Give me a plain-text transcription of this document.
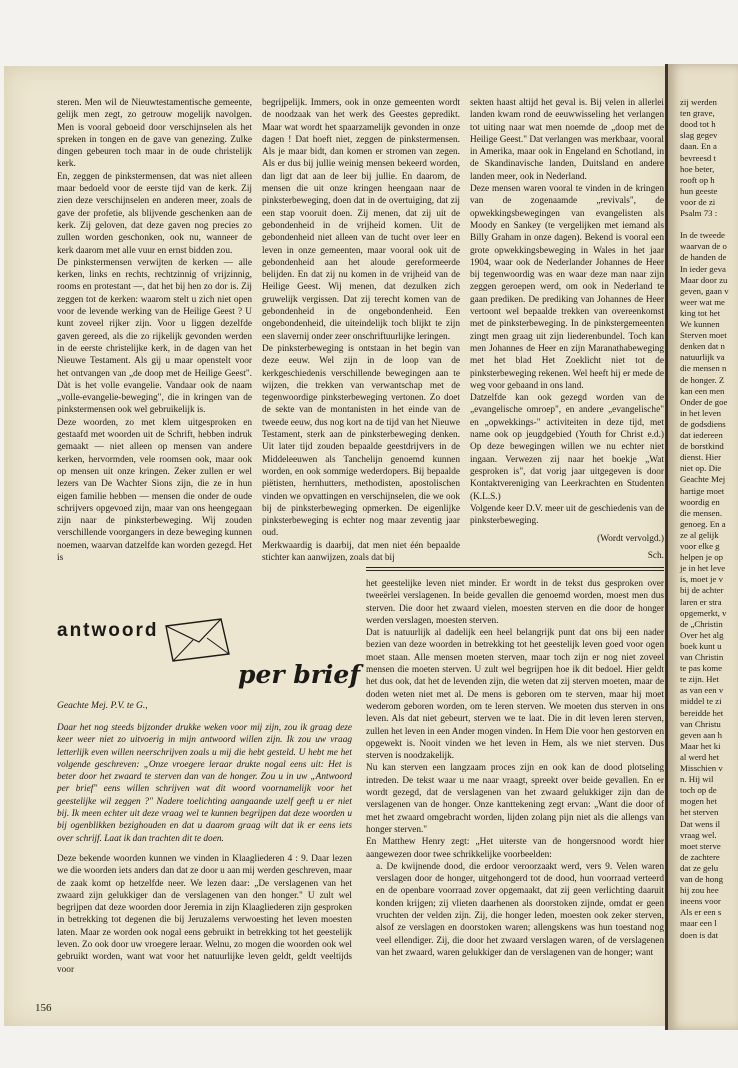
zij werden
ten grave,
dood tot h
slag gegev
daan. En a
bevreesd t
hoe beter,
rooft op h
hun geeste
voor de zi
Psalm 73 :
In de tweede
waarvan de o
de handen de
In ieder geva
Maar door zu
geven, gaan v
weer wat me
king tot het
We kunnen
Sterven moet
denken dat n
natuurlijk va
die mensen n
de honger. Z
kan een men
Onder de goe
in het leven
de godsdiens
dat iedereen
de borstkind
dienst. Hier
niet op. Die
Geachte Mej
hartige moet
woordig en
die mensen.
genoeg. En a
ze al gelijk
voor elke g
helpen je op
je in het leve
is, moet je v
bij de achter
laren er stra
opgemerkt, v
de „Christin
Over het alg
boek kunt u
van Christin
te pas kome
te zijn. Het
as van een v
middel te zi
bereidde het
van Christu
geven aan h
Maar het ki
al werd het
Misschien v
n. Hij wil
toch op de
mogen het
het sterven
Dat wens il
vraag wel.
moet sterve
de zachtere
dat ze gelu
van de hong
hij zou hee
ineens voor
Als er een s
maar een l
doen is dat

steren. Men wil de Nieuwtestamentische gemeente, gelijk men zegt, zo getrouw mogelijk navolgen. Men is vooral geboeid door verschijnselen als het spreken in tongen en de gave van genezing. Zulke dingen gebeuren toch maar in de oude christelijk kerk.

En, zeggen de pinkstermensen, dat was niet alleen maar bedoeld voor de eerste tijd van de kerk. Zij zien deze verschijnselen en anderen meer, zoals de gave der profetie, als blijvende geschenken aan de kerk. Zij geloven, dat deze gaven nog precies zo zullen worden geschonken, ook nu, wanneer de kerk daarom met alle vuur en ernst bidden zou.

De pinkstermensen verwijten de kerken — alle kerken, links en rechts, rechtzinnig of vrijzinnig, rooms en protestant —, dat het bij hen zo dor is. Zij zeggen tot de kerken: waarom stelt u zich niet open voor de levende werking van de Heilige Geest ? U kunt zoveel rijker zijn. Voor u liggen dezelfde gaven gereed, als die zo rijkelijk gevonden werden in de eerste christelijke kerk, in de dagen van het Nieuwe Testament. Als gij u maar openstelt voor het ontvangen van „de doop met de Heilige Geest". Dàt is het volle evangelie. Vandaar ook de naam „volle-evangelie-beweging", die in kringen van de pinkstermensen ook wel gebruikelijk is.

Deze woorden, zo met klem uitgesproken en gestaafd met woorden uit de Schrift, hebben indruk gemaakt — niet alleen op mensen van andere kerken, hervormden, vele roomsen ook, maar ook op mensen uit onze kringen. Zeker zullen er wel lezers van De Wachter Sions zijn, die ze in hun eigen familie hebben — mensen die onder de oude schrijvers opgevoed zijn, maar van ons heengegaan zijn naar de pinksterbeweging. Wij zouden verschillende voorgangers in deze beweging kunnen noemen, waarvan datzelfde kan worden gezegd. Het is

begrijpelijk. Immers, ook in onze gemeenten wordt de noodzaak van het werk des Geestes gepredikt. Maar wat wordt het spaarzamelijk gevonden in onze dagen ! Dat hoeft niet, zeggen de pinkstermensen. Als je maar bidt, dan komen er stromen van zegen. Als er dus bij jullie weinig mensen bekeerd worden, dan ligt dat aan de leer bij jullie. En daarom, de mensen die uit onze kringen heengaan naar de pinksterbeweging, doen dat in de overtuiging, dat zij een stap vooruit doen. Zij menen, dat zij uit de gebondenheid in de vrijheid komen. Uit de gebondenheid niet alleen van de tucht over leer en leven in onze gemeenten, maar vooral ook uit de gebondenheid aan het aloude gereformeerde belijden. En dat zij nu komen in de vrijheid van de Heilige Geest. Wij menen, dat dezulken zich gruwelijk vergissen. Dat zij terecht komen van de gebondenheid in de ongebondenheid. Een ongebondenheid, die uiteindelijk toch blijkt te zijn een slavernij onder zeer onschriftuurlijke leringen.

De pinksterbeweging is ontstaan in het begin van deze eeuw. Wel zijn in de loop van de kerkgeschiedenis verschillende bewegingen aan te wijzen, die trekken van verwantschap met de tegenwoordige pinksterbeweging vertonen. Zo doet de sekte van de montanisten in het einde van de tweede eeuw, dus nog kort na de tijd van het Nieuwe Testament, sterk aan de pinksterbeweging denken. Uit later tijd zouden bepaalde geestdrijvers in de Middeleeuwen als Tanchelijn genoemd kunnen worden, en ook sommige wederdopers. Bij bepaalde piëtisten, hernhutters, methodisten, apostolischen vinden we opvattingen en verschijnselen, die we ook bij de pinksterbeweging opmerken. De eigenlijke pinksterbeweging is echter nog maar zeventig jaar oud.

Merkwaardig is daarbij, dat men niet één bepaalde stichter kan aanwijzen, zoals dat bij

sekten haast altijd het geval is. Bij velen in allerlei landen kwam rond de eeuwwisseling het verlangen tot uiting naar wat men noemde de „doop met de Heilige Geest." Dat verlangen was merkbaar, vooral in Amerika, maar ook in Engeland en Schotland, in de Skandinavische landen, Duitsland en andere landen meer, ook in Nederland.

Deze mensen waren vooral te vinden in de kringen van de zogenaamde „revivals", de opwekkingsbewegingen van evangelisten als Moody en Sankey (te vergelijken met iemand als Billy Graham in onze dagen). Bekend is vooral een grote opwekkingsbeweging in Wales in het jaar 1904, waar ook de Nederlander Johannes de Heer bij tegenwoordig was en waar deze man naar zijn zeggen geroepen werd, om ook in Nederland te gaan prediken. De prediking van Johannes de Heer vertoont wel bepaalde trekken van overeenkomst met de pinksterbeweging. In de pinkstergemeenten zingt men graag uit zijn liederenbundel. Toch kan men Johannes de Heer en zijn Maranathabeweging met het blad Het Zoeklicht niet tot de pinksterbeweging rekenen. Wel heeft hij er mede de weg voor gebaand in ons land.

Datzelfde kan ook gezegd worden van de „evangelische omroep", en andere „evangelische" en „opwekkings-" activiteiten in deze tijd, met name ook op jeugdgebied (Youth for Christ e.d.) Op deze bewegingen willen we nu echter niet ingaan. Verwezen zij naar het boekje „Wat gesproken is", dat vorig jaar uitgegeven is door Kontaktvereniging van Leerkrachten en Studenten (K.L.S.)

Volgende keer D.V. meer uit de geschiedenis van de pinksterbeweging.

(Wordt vervolgd.)

Sch.

antwoord
per brief
Geachte Mej. P.V. te G.,

Daar het nog steeds bijzonder drukke weken voor mij zijn, zou ik graag deze keer weer niet zo uitvoerig in mijn antwoord willen zijn. Ik zou uw vraag letterlijk even willen neerschrijven zoals u mij die hebt gesteld. U hebt me het volgende geschreven: „Onze vroegere leraar drukte nogal eens uit: Het is beter door het zwaard te sterven dan van de honger. Zou u in uw „Antwoord per brief" eens willen schrijven wat dit woord voornamelijk voor het geestelijke wil zeggen ?" Nadere toelichting aangaande uzelf geeft u er niet bij. Ik meen echter uit deze vraag wel te kunnen begrijpen dat deze woorden u bij ogenblikken bezighouden en dat u daarom graag wilt dat ik er eens iets over schrijf. Laat ik dan trachten dit te doen.

Deze bekende woorden kunnen we vinden in Klaagliederen 4 : 9. Daar lezen we die woorden iets anders dan dat ze door u aan mij werden geschreven, maar de zaak komt op hetzelfde neer. We lezen daar: „De verslagenen van het zwaard zijn gelukkiger dan de verslagenen van den honger." U zult wel begrijpen dat deze woorden door Jeremia in zijn Klaagliederen zijn gesproken in betrekking tot degenen die bij Jeruzalems verwoesting het leven moesten laten. Maar ze worden ook nogal eens gebruikt in betrekking tot het geestelijk leven. Zo ook door uw vroegere leraar. Welnu, zo mogen die woorden ook wel gebruikt worden, want wat voor het natuurlijke leven geldt, geldt veeltijds voor

het geestelijke leven niet minder. Er wordt in de tekst dus gesproken over tweeërlei verslagenen. In beide gevallen die genoemd worden, moest men dus sterven. Die door het zwaard vielen, moesten sterven en die door de honger werden verslagen, moesten sterven.

Dat is natuurlijk al dadelijk een heel belangrijk punt dat ons bij een nader bezien van deze woorden in betrekking tot het geestelijk leven goed voor ogen moet staan. Alle mensen moeten sterven, maar toch zijn er nog niet zoveel mensen die moeten sterven. U zult wel begrijpen hoe ik dit bedoel. Hier geldt het dus ook, dat het de levenden zijn, die weten dat zij sterven moeten, maar de doden weten niet met al. De mens is geboren om te sterven, maar hij moet wederom geboren worden, om te leren sterven. We moeten dus sterven in ons leven. Als dat niet gebeurt, sterven we te laat. Die in dit leven leren sterven, zullen het leven in een Ander mogen vinden. In Hem Die voor hen gestorven en opgewekt is. Nooit vinden we het leven in Hem, als we niet sterven. Dus sterven is noodzakelijk.

Nu kan sterven een langzaam proces zijn en ook kan de dood plotseling intreden. De tekst waar u me naar vraagt, spreekt over beide gevallen. En er wordt gezegd, dat de verslagenen van het zwaard gelukkiger zijn dan de verslagenen van de honger. Onze kanttekening zegt ervan: „Want die door of met het zwaard omgebracht worden, lijden zolang pijn niet als die allengs van honger sterven."

En Matthew Henry zegt: „Het uiterste van de hongersnood wordt hier aangewezen door twee schrikkelijke voorbeelden:

a. De kwijnende dood, die erdoor veroorzaakt werd, vers 9. Velen waren verslagen door de honger, uitgehongerd tot de dood, hun voorraad verteerd en de openbare voorraad zover opgemaakt, dat zij geen verlichting daaruit konden krijgen; zij vlieten daarhenen als doorstoken zijnde, omdat er geen vruchten der velden zijn. Zij, die honger leden, moesten ook zeker sterven, alsof ze verslagen en doorstoken waren; allengskens was hun toestand nog veel ellendiger. Zij, die door het zwaard verslagen waren, of de verslagenen van het zwaard, waren gelukkiger dan de verslagenen van de honger; want

156
